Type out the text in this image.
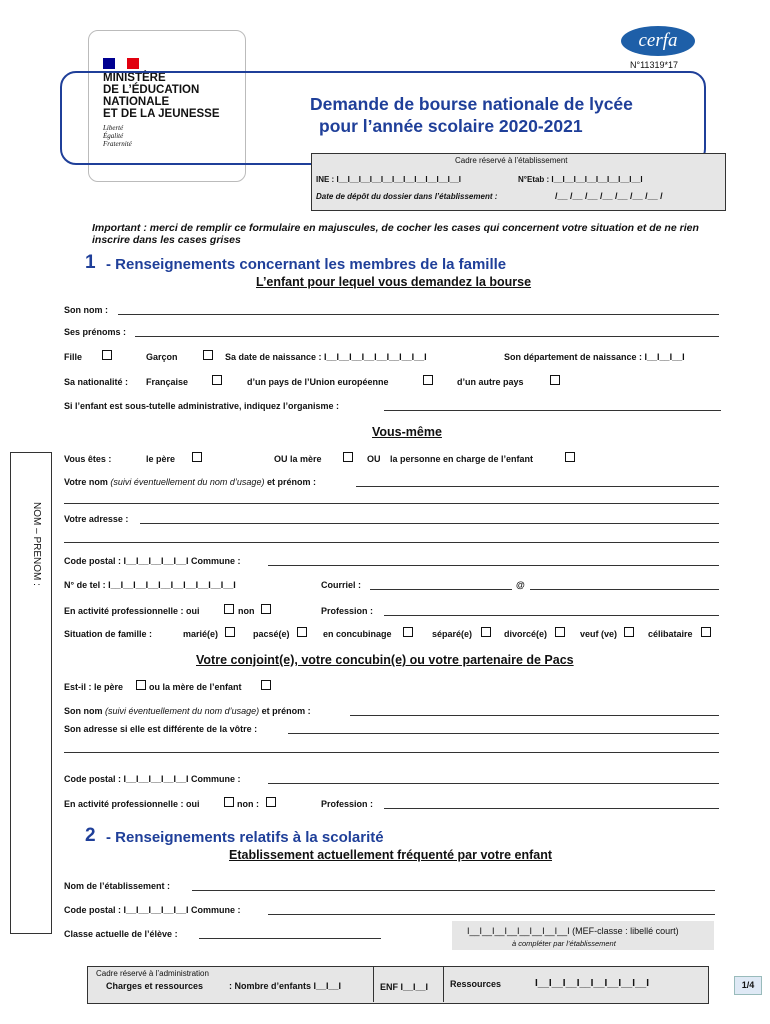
MINISTÈRE
DE L’ÉDUCATION
NATIONALE
ET DE LA JEUNESSE
Liberté
Égalité
Fraternité
cerfa
N°11319*17
Demande de bourse nationale de lycée
pour l’année scolaire 2020-2021
Cadre réservé à l’établissement
INE : I__I__I__I__I__I__I__I__I__I__I__I	N°Etab : I__I__I__I__I__I__I__I__I
Date de dépôt du dossier dans l’établissement :	/__ /__ /__ /__ /__ /__ /__ /
Important : merci de remplir ce formulaire en majuscules, de cocher les cases qui concernent votre situation et de ne rien inscrire dans les cases grises
1 - Renseignements concernant les membres de la famille
L’enfant pour lequel vous demandez la bourse
Son nom :
Ses prénoms :
Fille	Garçon	Sa date de naissance : I__I__I__I__I__I__I__I__I	Son département de naissance : I__I__I__I
Sa nationalité : Française	d’un pays de l’Union européenne	d’un autre pays
Si l’enfant est sous-tutelle administrative, indiquez l’organisme :
Vous-même
NOM – PRENOM :
Vous êtes :	le père	OU la mère	OU la personne en charge de l’enfant
Votre nom (suivi éventuellement du nom d’usage) et prénom :
Votre adresse :
Code postal : I__I__I__I__I__I Commune :
N° de tel : I__I__I__I__I__I__I__I__I__I__I	Courriel :	@
En activité professionnelle : oui	non	Profession :
Situation de famille :	marié(e)	pacsé(e)	en concubinage	séparé(e)	divorcé(e)	veuf (ve)	célibataire
Votre conjoint(e), votre concubin(e) ou votre partenaire de Pacs
Est-il : le père	ou la mère de l’enfant
Son nom (suivi éventuellement du nom d’usage) et prénom :
Son adresse si elle est différente de la vôtre :
Code postal : I__I__I__I__I__I Commune :
En activité professionnelle : oui	non :	Profession :
2 - Renseignements relatifs à la scolarité
Etablissement actuellement fréquenté par votre enfant
Nom de l’établissement :
Code postal : I__I__I__I__I__I Commune :
Classe actuelle de l’élève :	I__I__I__I__I__I__I__I__I (MEF-classe : libellé court)
à compléter par l’établissement
Cadre réservé à l’administration
Charges et ressources	: Nombre d’enfants I__I__I	ENF I__I__I Ressources	I__I__I__I__I__I__I__I__I	1/4
